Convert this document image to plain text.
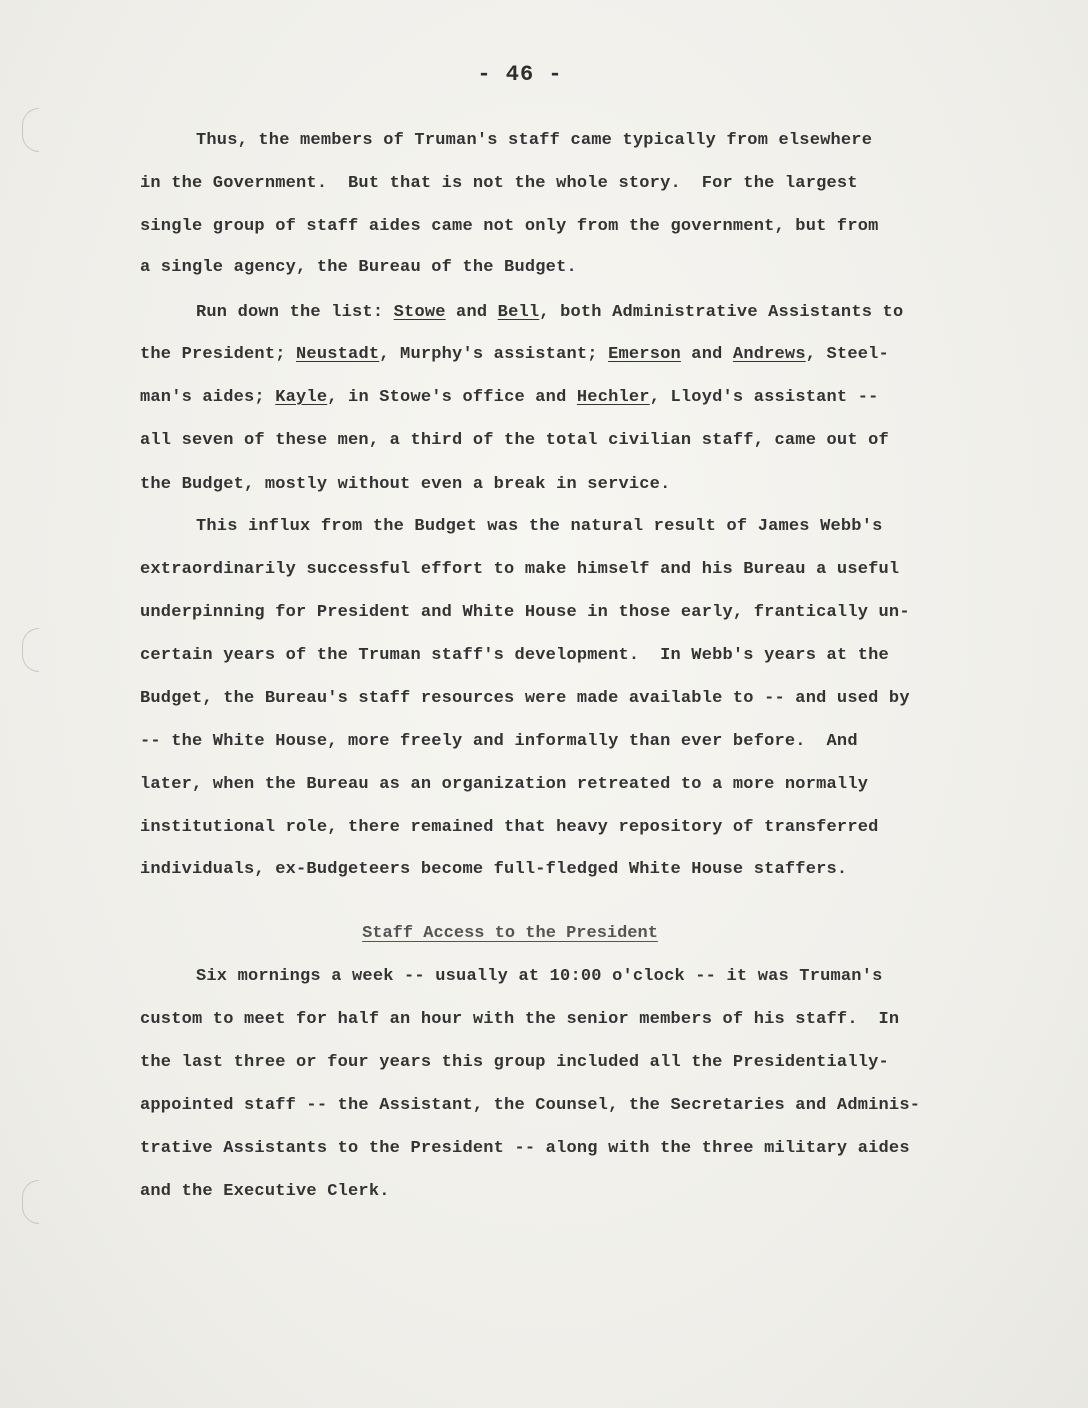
- 46 -
Thus, the members of Truman's staff came typically from elsewhere
in the Government.  But that is not the whole story.  For the largest
single group of staff aides came not only from the government, but from
a single agency, the Bureau of the Budget.
Run down the list: Stowe and Bell, both Administrative Assistants to
the President; Neustadt, Murphy's assistant; Emerson and Andrews, Steel-
man's aides; Kayle, in Stowe's office and Hechler, Lloyd's assistant --
all seven of these men, a third of the total civilian staff, came out of
the Budget, mostly without even a break in service.
This influx from the Budget was the natural result of James Webb's
extraordinarily successful effort to make himself and his Bureau a useful
underpinning for President and White House in those early, frantically un-
certain years of the Truman staff's development.  In Webb's years at the
Budget, the Bureau's staff resources were made available to -- and used by
-- the White House, more freely and informally than ever before.  And
later, when the Bureau as an organization retreated to a more normally
institutional role, there remained that heavy repository of transferred
individuals, ex-Budgeteers become full-fledged White House staffers.
Six mornings a week -- usually at 10:00 o'clock -- it was Truman's
custom to meet for half an hour with the senior members of his staff.  In
the last three or four years this group included all the Presidentially-
appointed staff -- the Assistant, the Counsel, the Secretaries and Adminis-
trative Assistants to the President -- along with the three military aides
and the Executive Clerk.
Staff Access to the President
